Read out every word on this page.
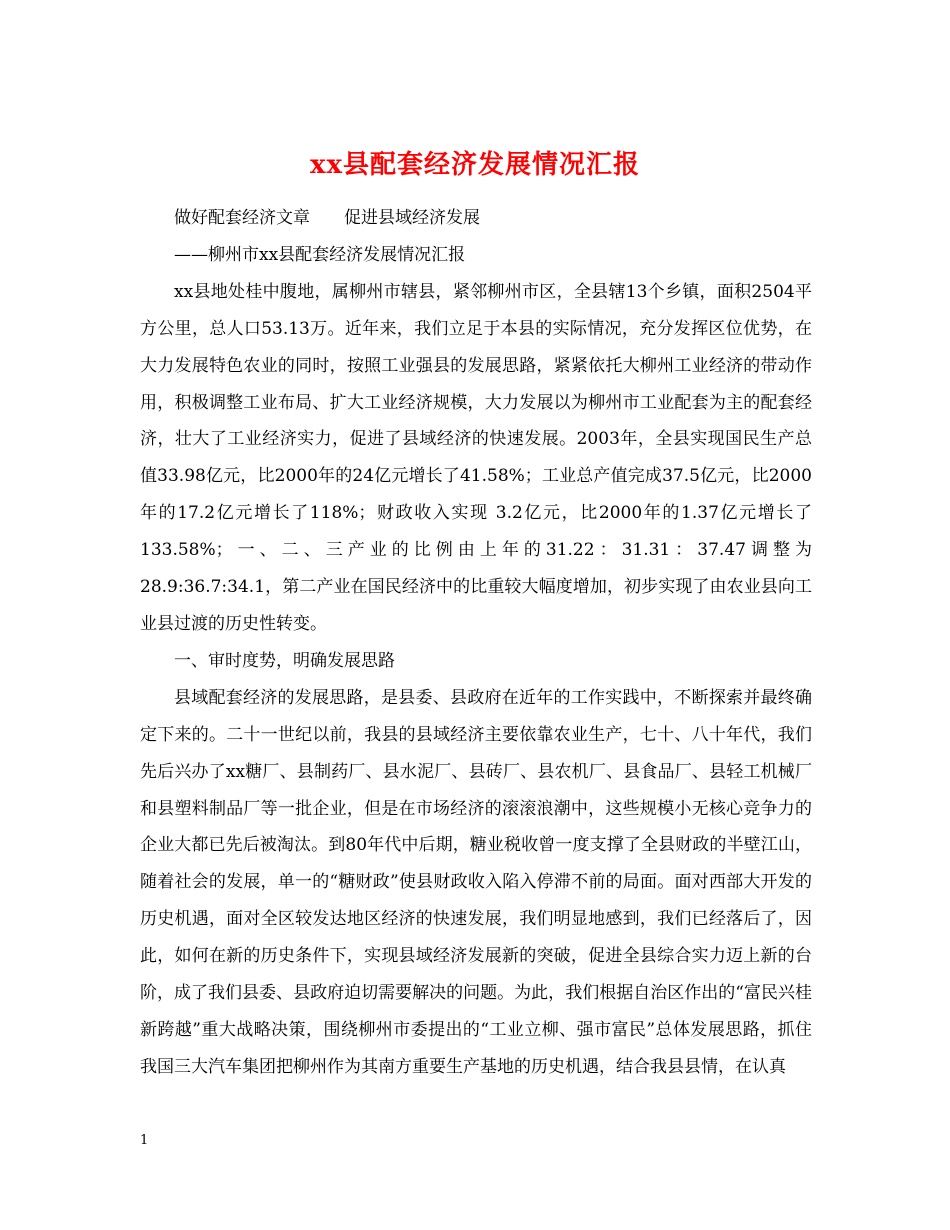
xx县配套经济发展情况汇报

做好配套经济文章　　促进县域经济发展

——柳州市xx县配套经济发展情况汇报

xx县地处桂中腹地，属柳州市辖县，紧邻柳州市区，全县辖13个乡镇，面积2504平方公里，总人口53.13万。近年来，我们立足于本县的实际情况，充分发挥区位优势，在大力发展特色农业的同时，按照工业强县的发展思路，紧紧依托大柳州工业经济的带动作用，积极调整工业布局、扩大工业经济规模，大力发展以为柳州市工业配套为主的配套经济，壮大了工业经济实力，促进了县域经济的快速发展。2003年，全县实现国民生产总值33.98亿元，比2000年的24亿元增长了41.58%；工业总产值完成37.5亿元，比2000年的17.2亿元增长了118%；财政收入实现 3.2亿元，比2000年的1.37亿元增长了133.58%；一、二、三产业的比例由上年的31.22：31.31：37.47调整为28.9:36.7:34.1，第二产业在国民经济中的比重较大幅度增加，初步实现了由农业县向工业县过渡的历史性转变。

一、审时度势，明确发展思路

县域配套经济的发展思路，是县委、县政府在近年的工作实践中，不断探索并最终确定下来的。二十一世纪以前，我县的县域经济主要依靠农业生产，七十、八十年代，我们先后兴办了xx糖厂、县制药厂、县水泥厂、县砖厂、县农机厂、县食品厂、县轻工机械厂和县塑料制品厂等一批企业，但是在市场经济的滚滚浪潮中，这些规模小无核心竞争力的企业大都已先后被淘汰。到80年代中后期，糖业税收曾一度支撑了全县财政的半壁江山，随着社会的发展，单一的“糖财政”使县财政收入陷入停滞不前的局面。面对西部大开发的历史机遇，面对全区较发达地区经济的快速发展，我们明显地感到，我们已经落后了，因此，如何在新的历史条件下，实现县域经济发展新的突破，促进全县综合实力迈上新的台阶，成了我们县委、县政府迫切需要解决的问题。为此，我们根据自治区作出的“富民兴桂新跨越”重大战略决策，围绕柳州市委提出的“工业立柳、强市富民”总体发展思路，抓住我国三大汽车集团把柳州作为其南方重要生产基地的历史机遇，结合我县县情，在认真

1
